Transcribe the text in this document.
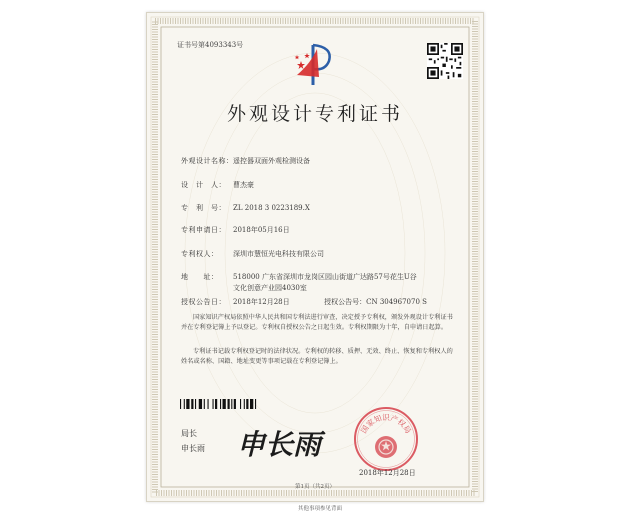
证书号第4093343号
外观设计专利证书
外观设计名称：遥控器双面外观检测设备
设　计　人： 曹杰豪
专　利　号： ZL 2018 3 0223189.X
专利申请日： 2018年05月16日
专利权人： 深圳市慧恒光电科技有限公司
地　　址： 518000 广东省深圳市龙岗区园山街道广达路57号花生U谷
文化创意产业园4030室
授权公告日： 2018年12月28日	授权公告号：CN 304967070 S
国家知识产权局依照中华人民共和国专利法进行审查，决定授予专利权，颁发外观设计专利证书并在专利登记簿上予以登记。专利权自授权公告之日起生效。专利权期限为十年，自申请日起算。
专利证书记载专利权登记时的法律状况。专利权的转移、质押、无效、终止、恢复和专利权人的姓名或名称、国籍、地址变更等事项记载在专利登记簿上。
局长
申长雨 申长雨	国家知识产权局
2018年12月28日
第1页（共2页）
其他事项参见背面
